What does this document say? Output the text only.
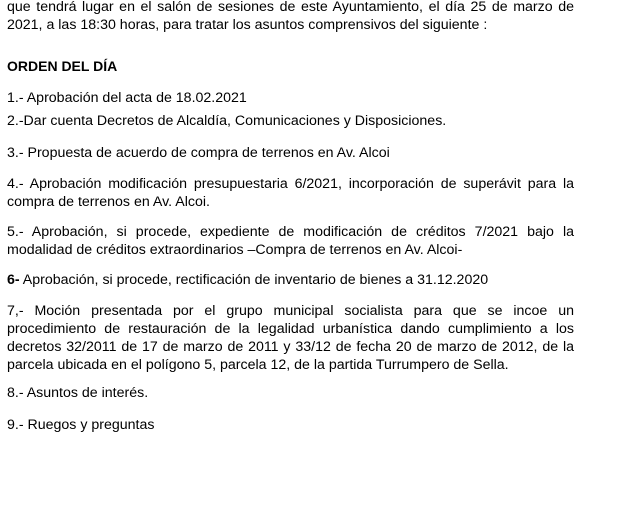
que tendrá lugar en el salón de sesiones de este Ayuntamiento, el día 25 de marzo de
2021, a las 18:30 horas, para tratar los asuntos comprensivos del siguiente :
ORDEN DEL DÍA
1.- Aprobación del acta de 18.02.2021
2.-Dar cuenta Decretos de Alcaldía, Comunicaciones y Disposiciones.
3.- Propuesta de acuerdo de compra de terrenos en Av. Alcoi
4.- Aprobación modificación presupuestaria 6/2021, incorporación de superávit para la compra de terrenos en Av. Alcoi.
5.- Aprobación, si procede, expediente de modificación de créditos 7/2021 bajo la modalidad de créditos extraordinarios –Compra de terrenos en Av. Alcoi-
6- Aprobación, si procede, rectificación de inventario de bienes a 31.12.2020
7,- Moción presentada por el grupo municipal socialista para que se incoe un procedimiento de restauración de la legalidad urbanística dando cumplimiento a los decretos 32/2011 de 17 de marzo de 2011 y 33/12 de fecha 20 de marzo de 2012, de la parcela ubicada en el polígono 5, parcela 12, de la partida Turrumpero de Sella.
8.- Asuntos de interés.
9.- Ruegos y preguntas
